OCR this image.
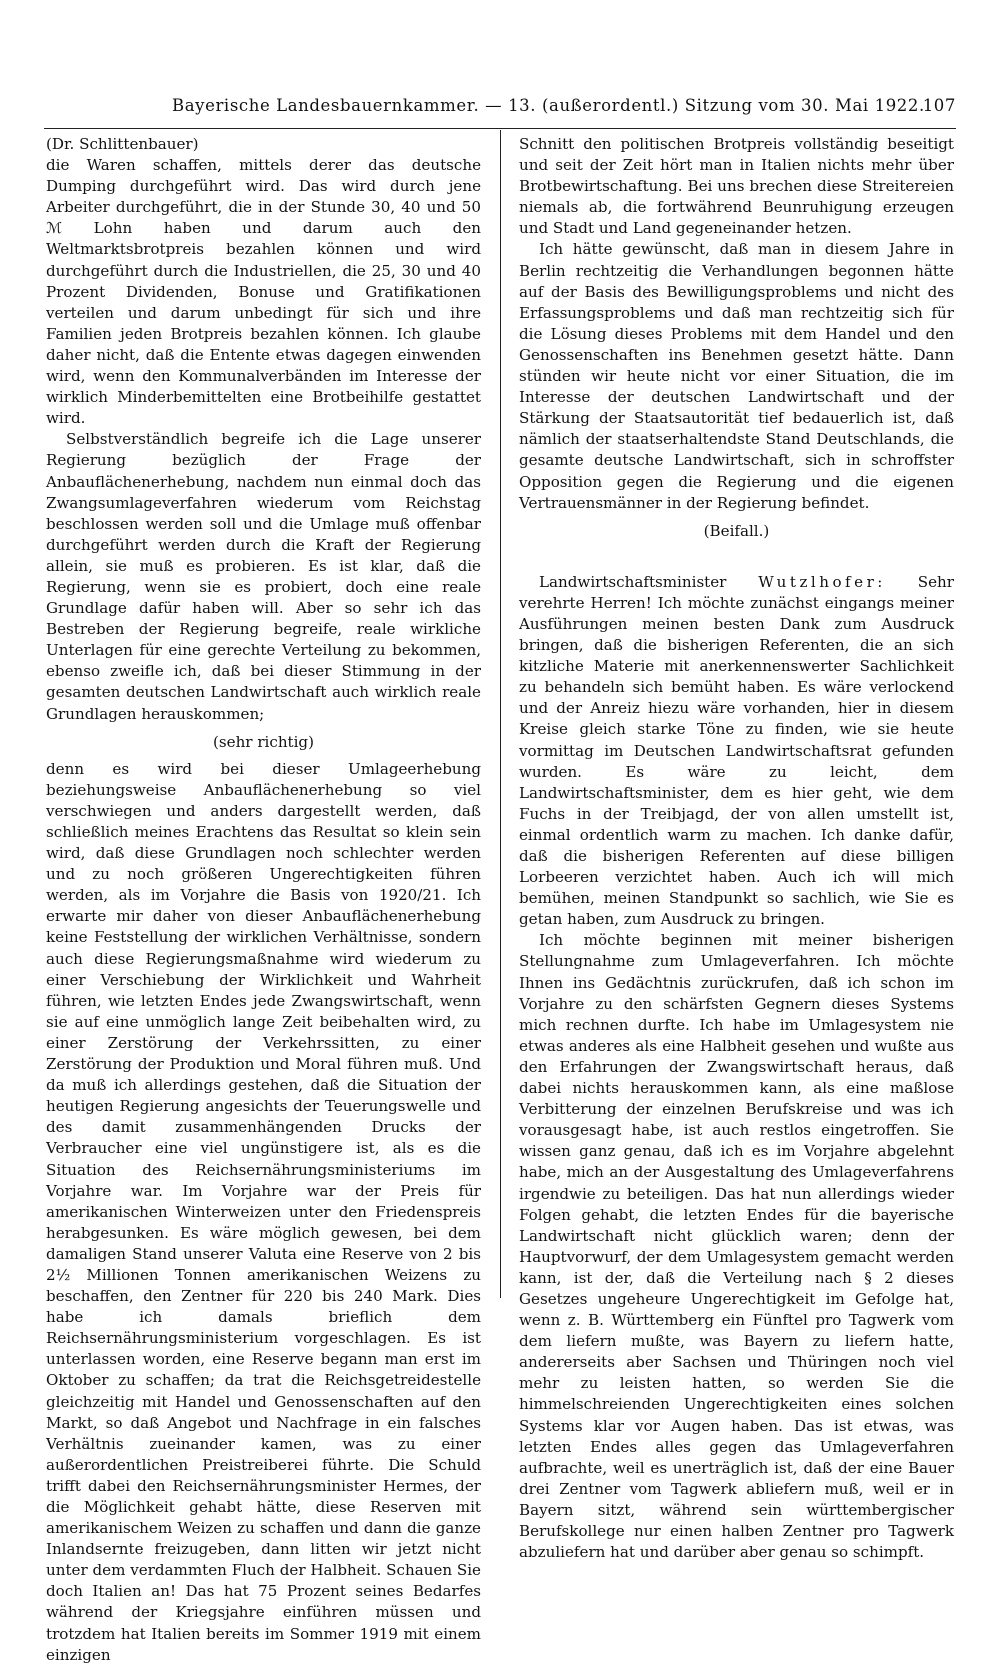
Bayerische Landesbauernkammer. — 13. (außerordentl.) Sitzung vom 30. Mai 1922.
107

(Dr. Schlittenbauer)

die Waren schaffen, mittels derer das deutsche Dumping durchgeführt wird. Das wird durch jene Arbeiter durchgeführt, die in der Stunde 30, 40 und 50 ℳ Lohn haben und darum auch den Weltmarktsbrotpreis bezahlen können und wird durchgeführt durch die Industriellen, die 25, 30 und 40 Prozent Dividenden, Bonuse und Gratifikationen verteilen und darum unbedingt für sich und ihre Familien jeden Brotpreis bezahlen können. Ich glaube daher nicht, daß die Entente etwas dagegen einwenden wird, wenn den Kommunalverbänden im Interesse der wirklich Minderbemittelten eine Brotbeihilfe gestattet wird.

Selbstverständlich begreife ich die Lage unserer Regierung bezüglich der Frage der Anbauflächenerhebung, nachdem nun einmal doch das Zwangsumlageverfahren wiederum vom Reichstag beschlossen werden soll und die Umlage muß offenbar durchgeführt werden durch die Kraft der Regierung allein, sie muß es probieren. Es ist klar, daß die Regierung, wenn sie es probiert, doch eine reale Grundlage dafür haben will. Aber so sehr ich das Bestreben der Regierung begreife, reale wirkliche Unterlagen für eine gerechte Verteilung zu bekommen, ebenso zweifle ich, daß bei dieser Stimmung in der gesamten deutschen Landwirtschaft auch wirklich reale Grundlagen herauskommen;

(sehr richtig)

denn es wird bei dieser Umlageerhebung beziehungsweise Anbauflächenerhebung so viel verschwiegen und anders dargestellt werden, daß schließlich meines Erachtens das Resultat so klein sein wird, daß diese Grundlagen noch schlechter werden und zu noch größeren Ungerechtigkeiten führen werden, als im Vorjahre die Basis von 1920/21. Ich erwarte mir daher von dieser Anbauflächenerhebung keine Feststellung der wirklichen Verhältnisse, sondern auch diese Regierungsmaßnahme wird wiederum zu einer Verschiebung der Wirklichkeit und Wahrheit führen, wie letzten Endes jede Zwangswirtschaft, wenn sie auf eine unmöglich lange Zeit beibehalten wird, zu einer Zerstörung der Verkehrssitten, zu einer Zerstörung der Produktion und Moral führen muß. Und da muß ich allerdings gestehen, daß die Situation der heutigen Regierung angesichts der Teuerungswelle und des damit zusammenhängenden Drucks der Verbraucher eine viel ungünstigere ist, als es die Situation des Reichsernährungsministeriums im Vorjahre war. Im Vorjahre war der Preis für amerikanischen Winterweizen unter den Friedenspreis herabgesunken. Es wäre möglich gewesen, bei dem damaligen Stand unserer Valuta eine Reserve von 2 bis 2½ Millionen Tonnen amerikanischen Weizens zu beschaffen, den Zentner für 220 bis 240 Mark. Dies habe ich damals brieflich dem Reichsernährungsministerium vorgeschlagen. Es ist unterlassen worden, eine Reserve begann man erst im Oktober zu schaffen; da trat die Reichsgetreidestelle gleichzeitig mit Handel und Genossenschaften auf den Markt, so daß Angebot und Nachfrage in ein falsches Verhältnis zueinander kamen, was zu einer außerordentlichen Preistreiberei führte. Die Schuld trifft dabei den Reichsernährungsminister Hermes, der die Möglichkeit gehabt hätte, diese Reserven mit amerikanischem Weizen zu schaffen und dann die ganze Inlandsernte freizugeben, dann litten wir jetzt nicht unter dem verdammten Fluch der Halbheit. Schauen Sie doch Italien an! Das hat 75 Prozent seines Bedarfes während der Kriegsjahre einführen müssen und trotzdem hat Italien bereits im Sommer 1919 mit einem einzigen

Schnitt den politischen Brotpreis vollständig beseitigt und seit der Zeit hört man in Italien nichts mehr über Brotbewirtschaftung. Bei uns brechen diese Streitereien niemals ab, die fortwährend Beunruhigung erzeugen und Stadt und Land gegeneinander hetzen.

Ich hätte gewünscht, daß man in diesem Jahre in Berlin rechtzeitig die Verhandlungen begonnen hätte auf der Basis des Bewilligungsproblems und nicht des Erfassungsproblems und daß man rechtzeitig sich für die Lösung dieses Problems mit dem Handel und den Genossenschaften ins Benehmen gesetzt hätte. Dann stünden wir heute nicht vor einer Situation, die im Interesse der deutschen Landwirtschaft und der Stärkung der Staatsautorität tief bedauerlich ist, daß nämlich der staatserhaltendste Stand Deutschlands, die gesamte deutsche Landwirtschaft, sich in schroffster Opposition gegen die Regierung und die eigenen Vertrauensmänner in der Regierung befindet.

(Beifall.)

Landwirtschaftsminister Wutzlhofer: Sehr verehrte Herren! Ich möchte zunächst eingangs meiner Ausführungen meinen besten Dank zum Ausdruck bringen, daß die bisherigen Referenten, die an sich kitzliche Materie mit anerkennenswerter Sachlichkeit zu behandeln sich bemüht haben. Es wäre verlockend und der Anreiz hiezu wäre vorhanden, hier in diesem Kreise gleich starke Töne zu finden, wie sie heute vormittag im Deutschen Landwirtschaftsrat gefunden wurden. Es wäre zu leicht, dem Landwirtschaftsminister, dem es hier geht, wie dem Fuchs in der Treibjagd, der von allen umstellt ist, einmal ordentlich warm zu machen. Ich danke dafür, daß die bisherigen Referenten auf diese billigen Lorbeeren verzichtet haben. Auch ich will mich bemühen, meinen Standpunkt so sachlich, wie Sie es getan haben, zum Ausdruck zu bringen.

Ich möchte beginnen mit meiner bisherigen Stellungnahme zum Umlageverfahren. Ich möchte Ihnen ins Gedächtnis zurückrufen, daß ich schon im Vorjahre zu den schärfsten Gegnern dieses Systems mich rechnen durfte. Ich habe im Umlagesystem nie etwas anderes als eine Halbheit gesehen und wußte aus den Erfahrungen der Zwangswirtschaft heraus, daß dabei nichts herauskommen kann, als eine maßlose Verbitterung der einzelnen Berufskreise und was ich vorausgesagt habe, ist auch restlos eingetroffen. Sie wissen ganz genau, daß ich es im Vorjahre abgelehnt habe, mich an der Ausgestaltung des Umlageverfahrens irgendwie zu beteiligen. Das hat nun allerdings wieder Folgen gehabt, die letzten Endes für die bayerische Landwirtschaft nicht glücklich waren; denn der Hauptvorwurf, der dem Umlagesystem gemacht werden kann, ist der, daß die Verteilung nach § 2 dieses Gesetzes ungeheure Ungerechtigkeit im Gefolge hat, wenn z. B. Württemberg ein Fünftel pro Tagwerk vom dem liefern mußte, was Bayern zu liefern hatte, andererseits aber Sachsen und Thüringen noch viel mehr zu leisten hatten, so werden Sie die himmelschreienden Ungerechtigkeiten eines solchen Systems klar vor Augen haben. Das ist etwas, was letzten Endes alles gegen das Umlageverfahren aufbrachte, weil es unerträglich ist, daß der eine Bauer drei Zentner vom Tagwerk abliefern muß, weil er in Bayern sitzt, während sein württembergischer Berufskollege nur einen halben Zentner pro Tagwerk abzuliefern hat und darüber aber genau so schimpft.
